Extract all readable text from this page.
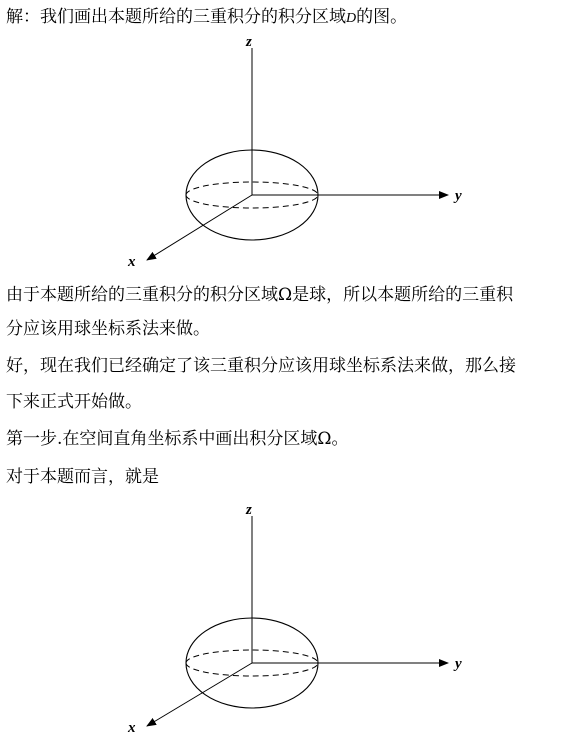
解：我们画出本题所给的三重积分的积分区域D的图。

z
y
x

由于本题所给的三重积分的积分区域Ω是球，所以本题所给的三重积

分应该用球坐标系法来做。

好，现在我们已经确定了该三重积分应该用球坐标系法来做，那么接

下来正式开始做。

第一步.在空间直角坐标系中画出积分区域Ω。

对于本题而言，就是

z
y
x
